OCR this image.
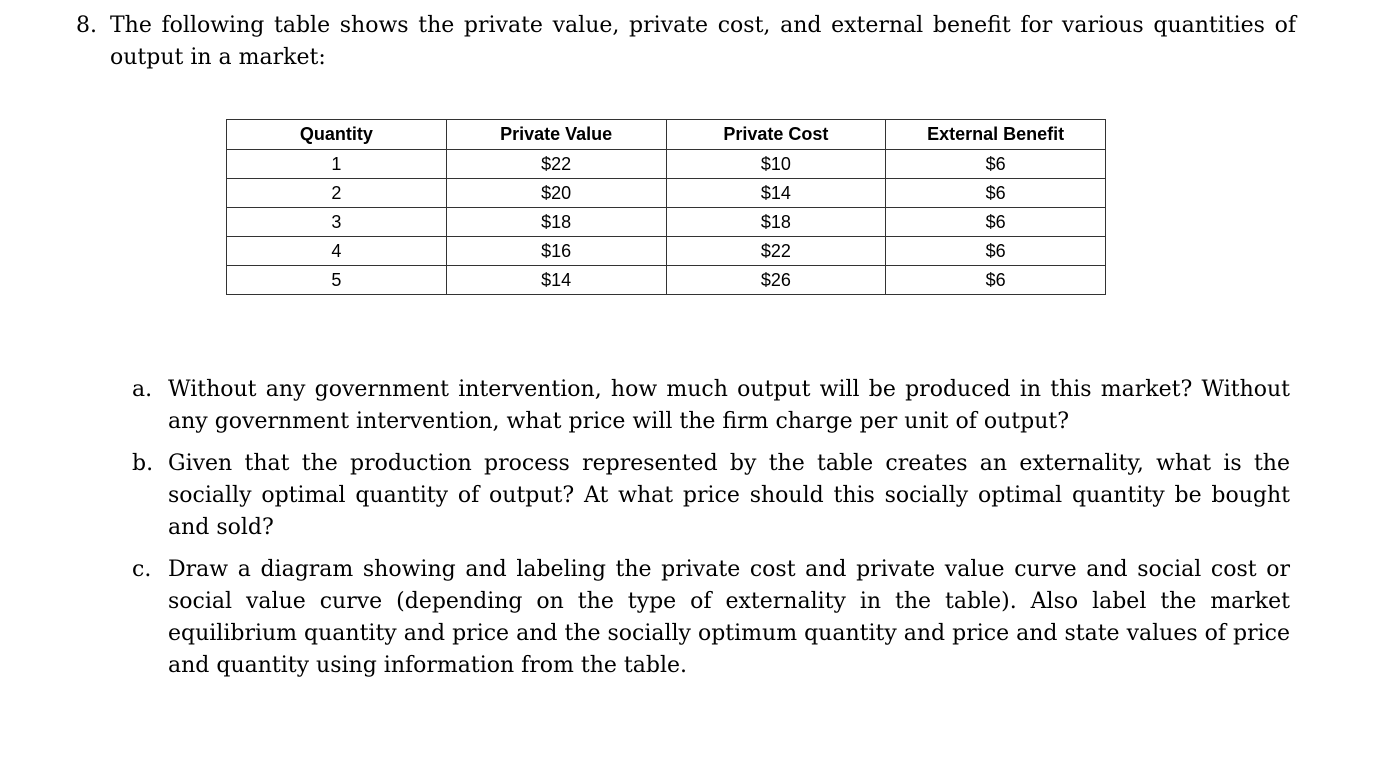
8. The following table shows the private value, private cost, and external benefit for various quantities of output in a market:
Quantity	Private Value	Private Cost	External Benefit
1	$22	$10	$6
2	$20	$14	$6
3	$18	$18	$6
4	$16	$22	$6
5	$14	$26	$6
a. Without any government intervention, how much output will be produced in this market? Without any government intervention, what price will the firm charge per unit of output?
b. Given that the production process represented by the table creates an externality, what is the socially optimal quantity of output? At what price should this socially optimal quantity be bought and sold?
c. Draw a diagram showing and labeling the private cost and private value curve and social cost or social value curve (depending on the type of externality in the table). Also label the market equilibrium quantity and price and the socially optimum quantity and price and state values of price and quantity using information from the table.
